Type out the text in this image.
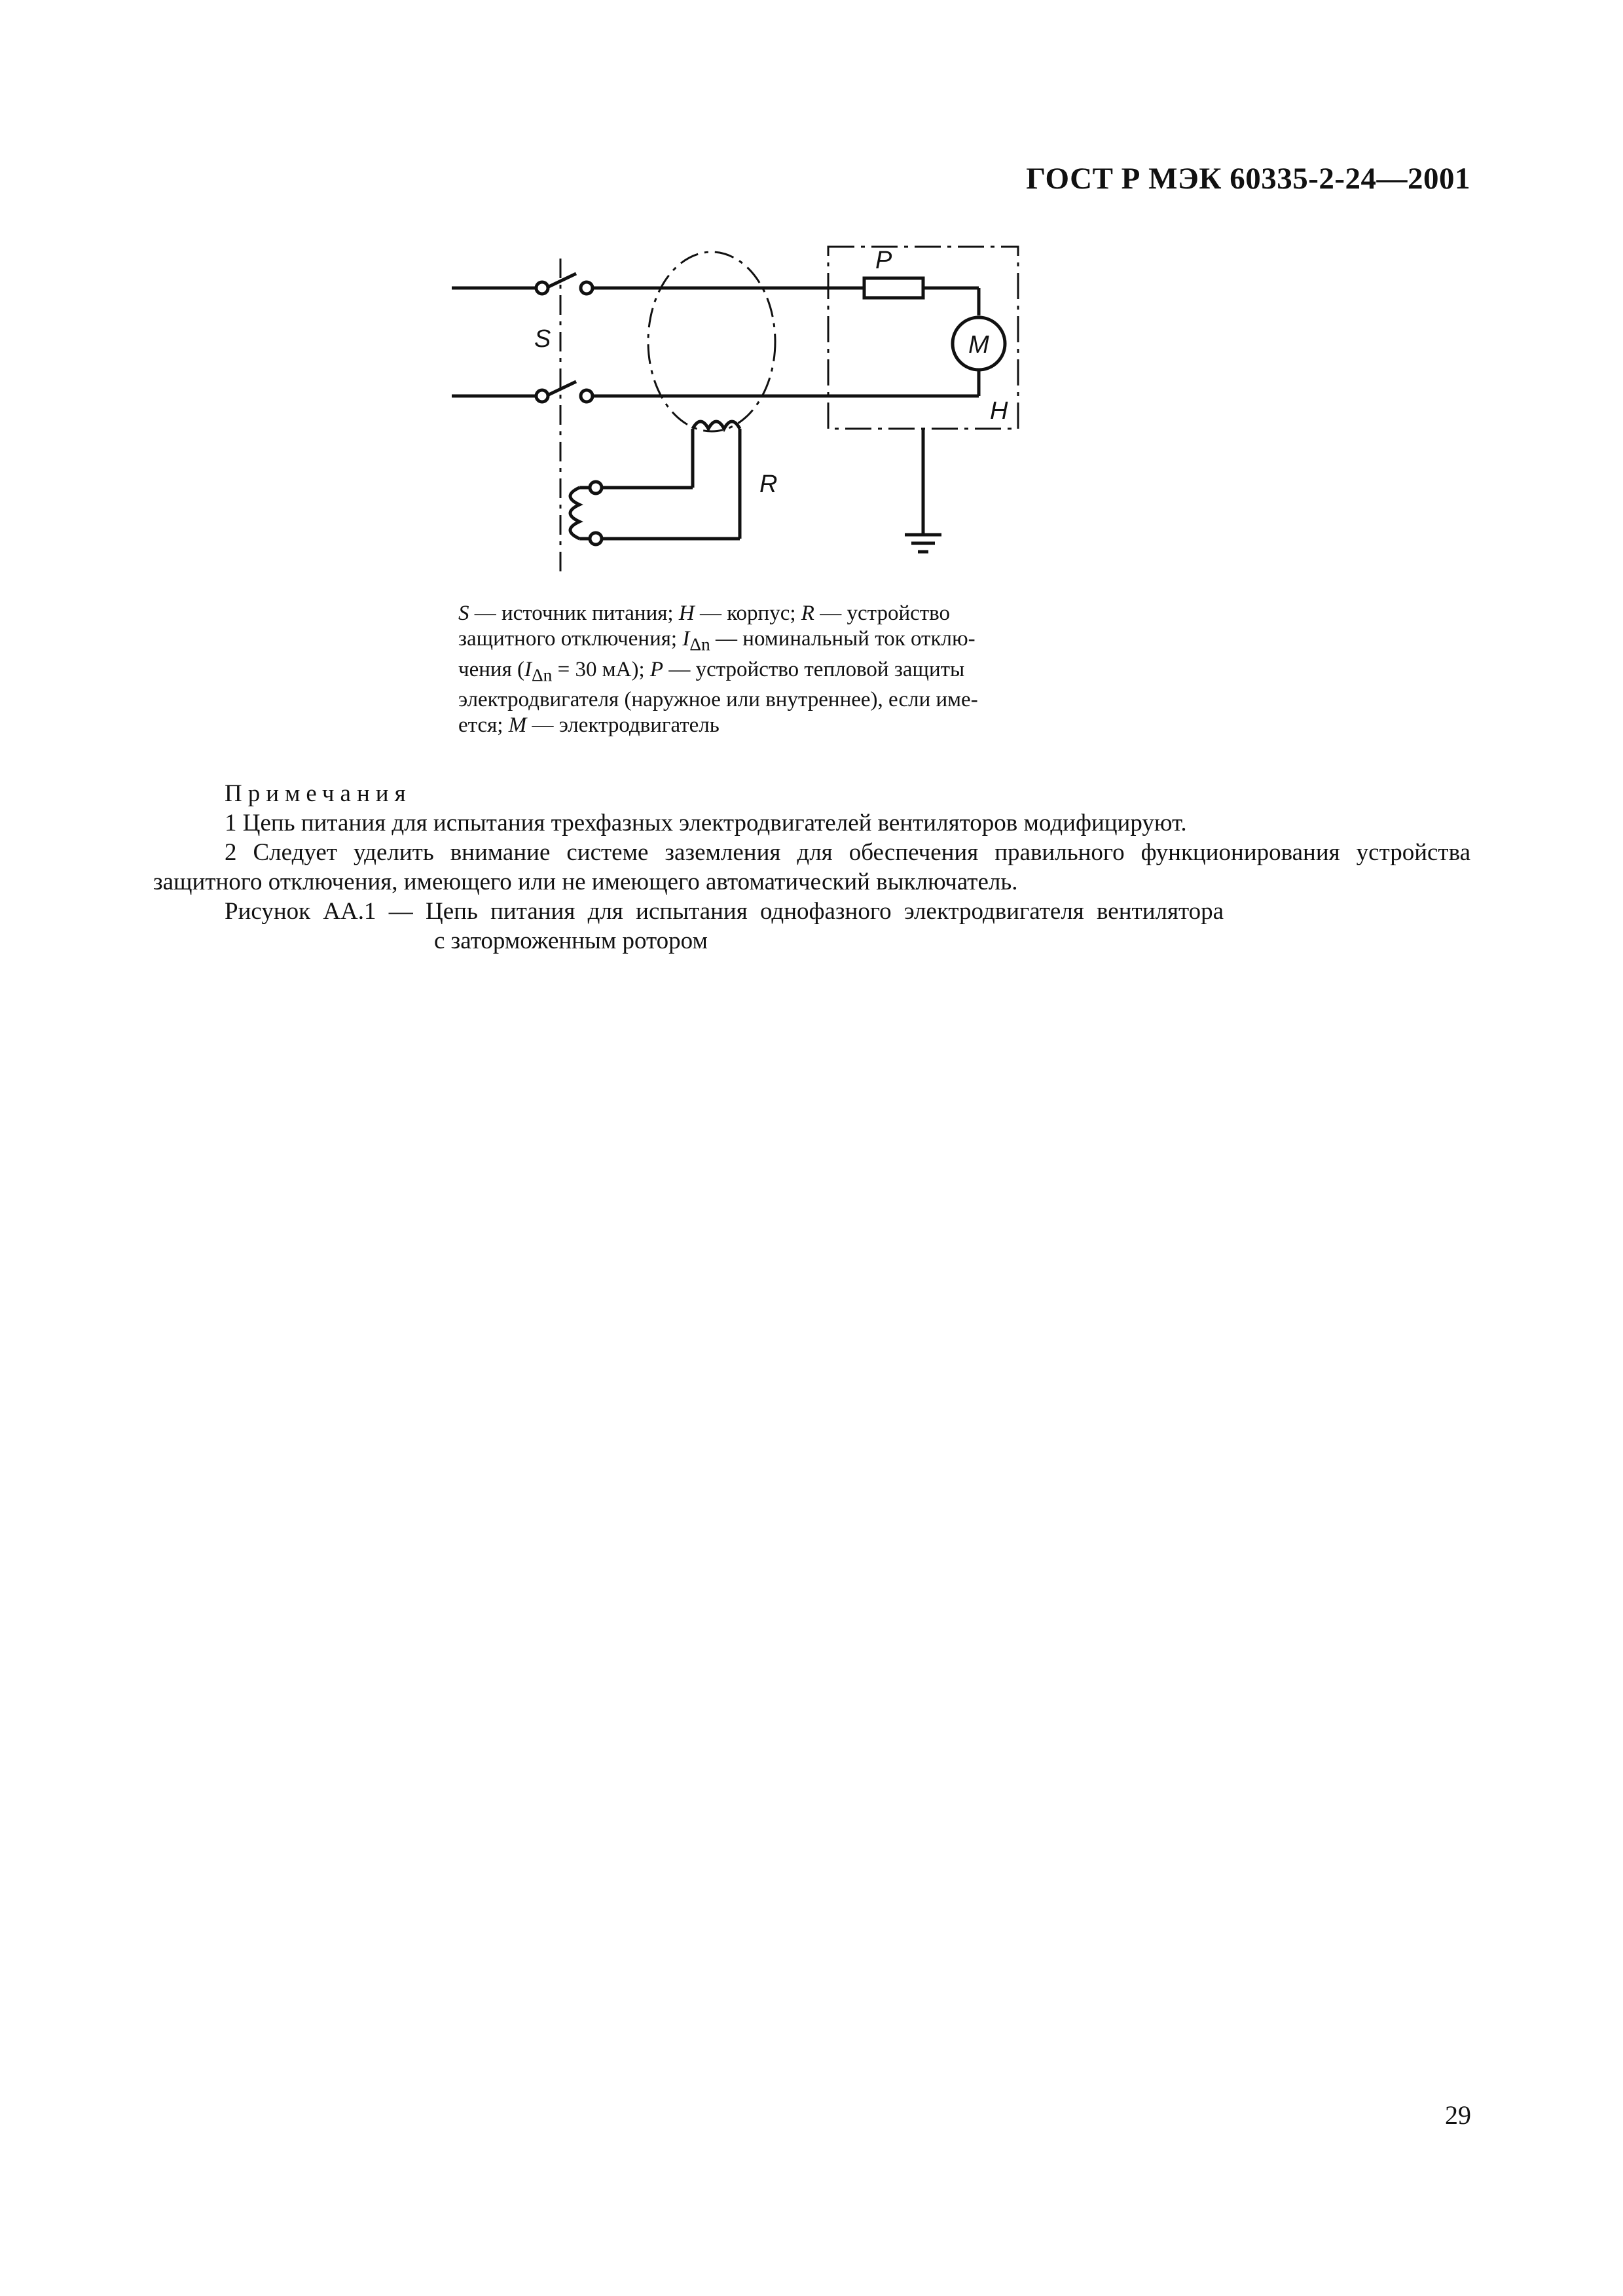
ГОСТ Р МЭК 60335-2-24—2001
S
P
M
H
R

S — источник питания; H — корпус; R — устройство

защитного отключения; $I_{\Delta n}$ — номинальный ток отклю-

чения ($I_{\Delta n} = 30$ мА); P — устройство тепловой защиты

электродвигателя (наружное или внутреннее), если име-

ется; M — электродвигатель

Примечания

1 Цепь питания для испытания трехфазных электродвигателей вентиляторов модифицируют.

2 Следует уделить внимание системе заземления для обеспечения правильного функционирования устройства защитного отключения, имеющего или не имеющего автоматический выключатель.

Рисунок АА.1 — Цепь питания для испытания однофазного электродвигателя вентилятора

с заторможенным ротором

29
